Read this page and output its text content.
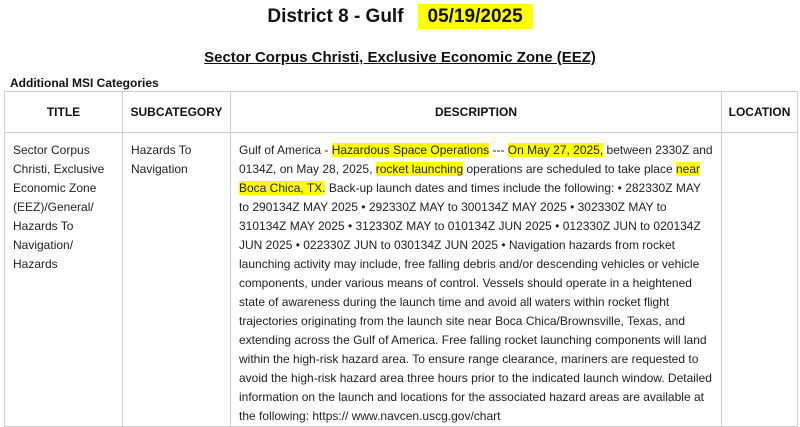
District 8 - Gulf 05/19/2025
Sector Corpus Christi, Exclusive Economic Zone (EEZ)
Additional MSI Categories
TITLE	SUBCATEGORY	DESCRIPTION	LOCATION
Sector Corpus Christi, Exclusive Economic Zone (EEZ)/General/ Hazards To Navigation/ Hazards	Hazards To Navigation	Gulf of America - Hazardous Space Operations --- On May 27, 2025, between 2330Z and 0134Z, on May 28, 2025, rocket launching operations are scheduled to take place near Boca Chica, TX. Back-up launch dates and times include the following: • 282330Z MAY to 290134Z MAY 2025 • 292330Z MAY to 300134Z MAY 2025 • 302330Z MAY to 310134Z MAY 2025 • 312330Z MAY to 010134Z JUN 2025 • 012330Z JUN to 020134Z JUN 2025 • 022330Z JUN to 030134Z JUN 2025 • Navigation hazards from rocket launching activity may include, free falling debris and/or descending vehicles or vehicle components, under various means of control. Vessels should operate in a heightened state of awareness during the launch time and avoid all waters within rocket flight trajectories originating from the launch site near Boca Chica/Brownsville, Texas, and extending across the Gulf of America. Free falling rocket launching components will land within the high-risk hazard area. To ensure range clearance, mariners are requested to avoid the high-risk hazard area three hours prior to the indicated launch window. Detailed information on the launch and locations for the associated hazard areas are available at the following: https:// www.navcen.uscg.gov/chart	
